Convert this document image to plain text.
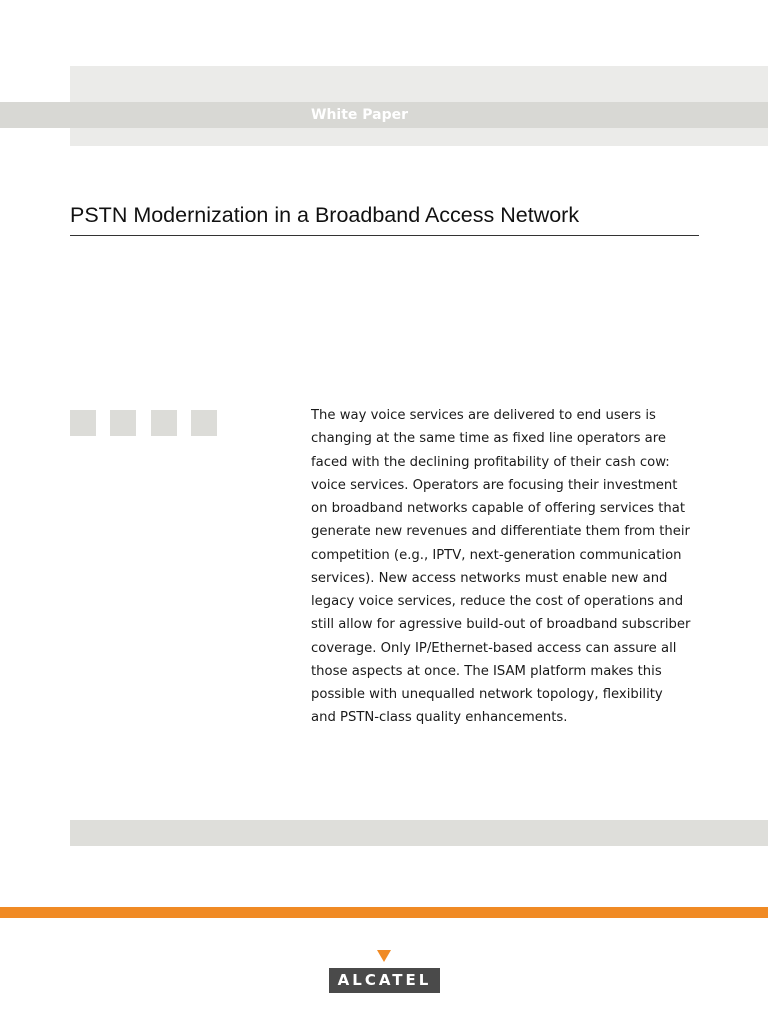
White Paper
PSTN Modernization in a Broadband Access Network

The way voice services are delivered to end users is
changing at the same time as fixed line operators are
faced with the declining profitability of their cash cow:
voice services. Operators are focusing their investment
on broadband networks capable of offering services that
generate new revenues and differentiate them from their
competition (e.g., IPTV, next-generation communication
services). New access networks must enable new and
legacy voice services, reduce the cost of operations and
still allow for agressive build-out of broadband subscriber
coverage. Only IP/Ethernet-based access can assure all
those aspects at once. The ISAM platform makes this
possible with unequalled network topology, flexibility
and PSTN-class quality enhancements.

ALCATEL
